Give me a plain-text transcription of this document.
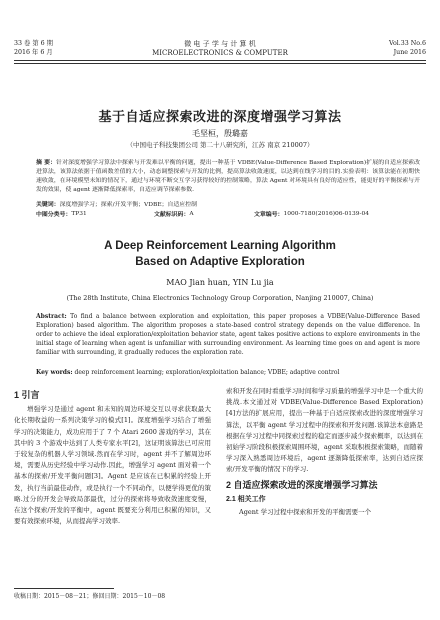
33 卷 第 6 期
2016 年 6 月
微 电 子 学 与 计 算 机
MICROELECTRONICS & COMPUTER
Vol.33 No.6
June 2016
基于自适应探索改进的深度增强学习算法
毛坚桓，殷璐嘉
（中国电子科技集团公司 第二十八研究所，江苏 南京 210007）
摘 要：针对深度增强学习算法中探索与开发难以平衡的问题，提出一种基于 VDBE(Value-Difference Based Exploration)扩展的自适应探索改进算法，该算法依据于值函数差值的大小，动态调整探索与开发的比例，提高算法收敛速度，以达到在线学习的目的.实验表明：该算法能在初期快速收敛，在环境模型未知的情况下，通过与环境不断交互学习获得较好的控制策略，算法 Agent 对环境具有良好的适应性，能更好的平衡探索与开发的效果，使 agent 逐渐降低探索率，自适应调节探索参数.
关键词：深度增强学习；探索/开发平衡；VDBE；自适应控制
中图分类号： TP31	文献标识码： A	文章编号： 1000-7180(2016)06-0139-04
A Deep Reinforcement Learning Algorithm
Based on Adaptive Exploration
MAO Jian huan, YIN Lu jia
(The 28th Institute, China Electronics Technology Group Corporation, Nanjing 210007, China)
Abstract: To find a balance between exploration and exploitation, this paper proposes a VDBE(Value-Difference Based Exploration) based algorithm. The algorithm proposes a state-based control strategy depends on the value difference. In order to achieve the ideal exploration/exploitation behavior state, agent takes positive actions to explore environments in the initial stage of learning when agent is unfamiliar with surrounding environment. As learning time goes on and agent is more familiar with surrounding, it gradually reduces the exploration rate.
Key words: deep reinforcement learning; exploration/exploitation balance; VDBE; adaptive control
1 引言

增强学习是通过 agent 和未知的周边环境交互以寻求获取最大化长期收益的一系列决策学习的模式[1]。深度增强学习结合了增强学习的决策能力，成功应用于了 7 个 Atari 2600 游戏的学习，其在其中的 3 个游戏中达到了人类专家水平[2]，这证明该算法已可应用于较复杂的机器人学习领域.然而在学习时，agent 并不了解周边环境，需要从历史经验中学习动作.因此，增强学习 agent 面对着一个基本的探索/开发平衡问题[3]。Agent 是应该在已积累的经验上开发，执行当前最佳动作，或是执行一个不同动作，以便学得更优的策略.过分的开发会导致局部最优，过分的探索将导致收敛速度变慢，在这个探索/开发的平衡中，agent 既要充分利用已积累的知识，又要有效探索环境，从而提高学习效率.

索和开发在同时看重学习时间和学习质量的增强学习中是一个重大的挑战.本文通过对 VDBE(Value-Difference Based Exploration)[4]方法的扩展应用，提出一种基于自适应探索改进的深度增强学习算法，以平衡 agent 学习过程中的探索和开发问题.该算法本意路是根据在学习过程中同探索过程的稳定而逐步减少探索概率，以达到在初始学习阶段积极探索周围环境，agent 采取积极探索策略，而随着学习深入熟悉周边环境后，agent 逐渐降低探索率，达到自适应探索/开发平衡的情况下的学习.

2 自适应探索改进的深度增强学习算法
2.1 相关工作

Agent 学习过程中探索和开发的平衡需要一个

收稿日期：2015－08－21；修回日期：2015－10－08
